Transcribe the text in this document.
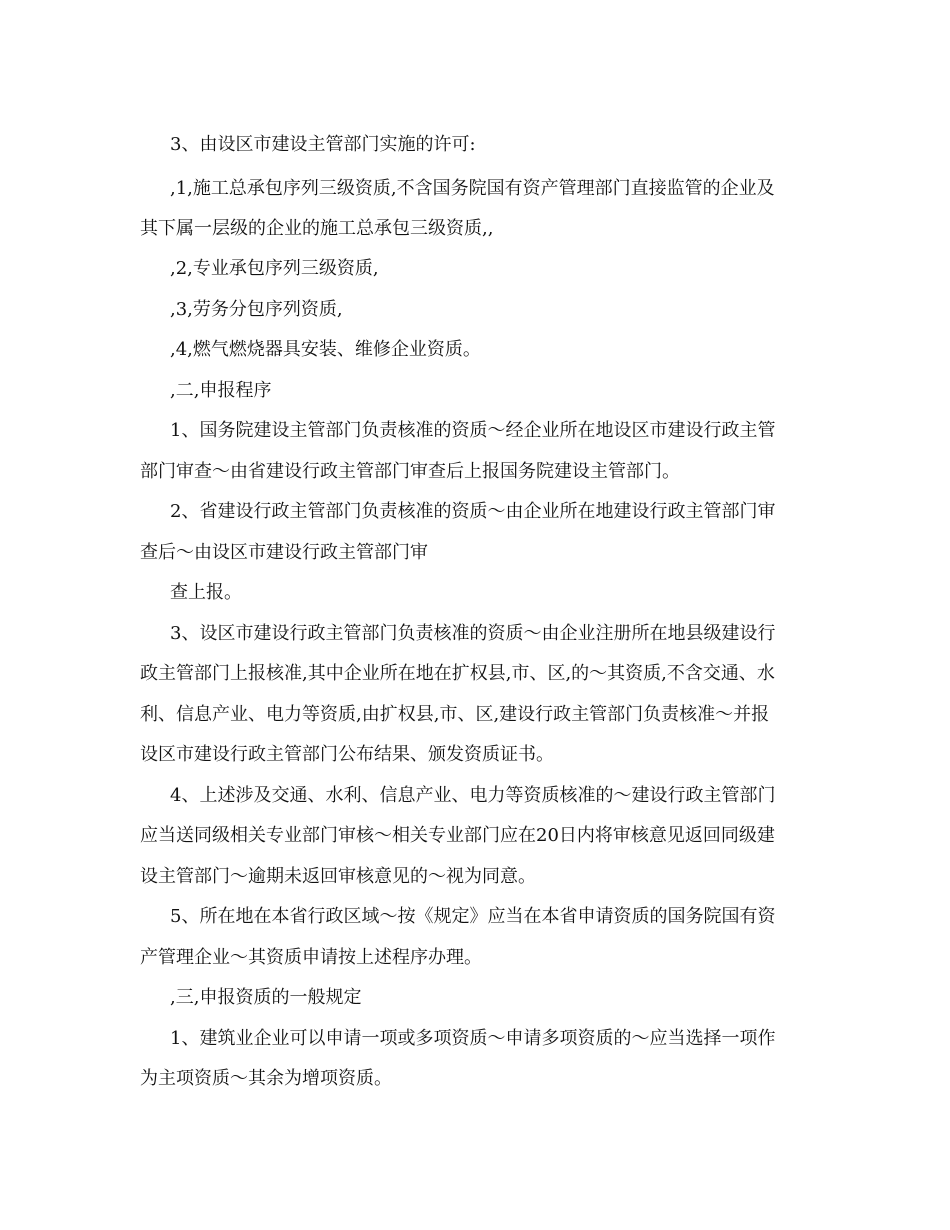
3、由设区市建设主管部门实施的许可:

,1,施工总承包序列三级资质,不含国务院国有资产管理部门直接监管的企业及

其下属一层级的企业的施工总承包三级资质,,

,2,专业承包序列三级资质,

,3,劳务分包序列资质,

,4,燃气燃烧器具安装、维修企业资质。

,二,申报程序

1、国务院建设主管部门负责核准的资质～经企业所在地设区市建设行政主管

部门审查～由省建设行政主管部门审查后上报国务院建设主管部门。

2、省建设行政主管部门负责核准的资质～由企业所在地建设行政主管部门审

查后～由设区市建设行政主管部门审

查上报。

3、设区市建设行政主管部门负责核准的资质～由企业注册所在地县级建设行

政主管部门上报核准,其中企业所在地在扩权县,市、区,的～其资质,不含交通、水

利、信息产业、电力等资质,由扩权县,市、区,建设行政主管部门负责核准～并报

设区市建设行政主管部门公布结果、颁发资质证书。

4、上述涉及交通、水利、信息产业、电力等资质核准的～建设行政主管部门

应当送同级相关专业部门审核～相关专业部门应在20日内将审核意见返回同级建

设主管部门～逾期未返回审核意见的～视为同意。

5、所在地在本省行政区域～按《规定》应当在本省申请资质的国务院国有资

产管理企业～其资质申请按上述程序办理。

,三,申报资质的一般规定

1、建筑业企业可以申请一项或多项资质～申请多项资质的～应当选择一项作

为主项资质～其余为增项资质。
